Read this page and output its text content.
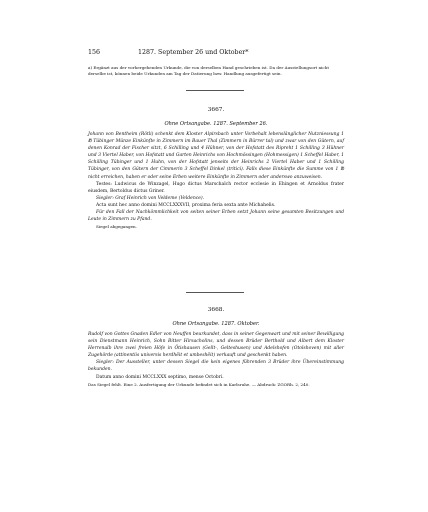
156	1287. September 26 und Oktober*
a) Ergänzt aus der vorhergehenden Urkunde, die von derselben Hand geschrieben ist. Da der Ausstellungsort nicht derselbe ist, können beide Urkunden am Tag der Datierung bzw. Handlung ausgefertigt sein.
3667.
Ohne Ortsangabe. 1287. September 26.
Johann von Bentheim (Rötli) schenkt dem Kloster Alpirsbach unter Vorbehalt lebenslänglicher Nutzniessung 1 ℔ Tübinger Münze Einkünfte in Zimmern im Bauer Thal (Zimmern in Bürrer tal) und zwar von den Gütern, auf denen Konrad der Fischer sitzt, 6 Schilling und 4 Hühner, von der Hofstatt des Ripreht 1 Schilling 3 Hühner und 3 Viertel Haber, von Hofstatt und Garten Heinrichs von Hochmössingen (Hohmessigen) 1 Scheffel Haber, 1 Schilling Tübinger und 1 Huhn, von der Hofstatt jenseits der Heinrichs 2 Viertel Haber und 1 Schilling Tübinger, von den Gütern der Cimmerin 3 Scheffel Dinkel (tritici). Falls diese Einkünfte die Summe von 1 ℔ nicht erreichen, haben er oder seine Erben weitere Einkünfte in Zimmern oder anderswo anzuweisen.
Testes: Ludwicus de Winzagel, Hugo dictus Marschalch rector ecclesie in Ehingen et Arnoldus frater eiusdem, Bertoldus dictus Griner.
Siegler: Graf Heinrich von Veldeme (Veldence).
Acta sunt hec anno domini MCCLXXXVII, proxima feria sexta ante Michahelis.
Für den Fall der Nachkömmlichkeit von seiten seiner Erben setzt Johann seine gesamten Besitzungen und Leute in Zimmern zu Pfand.
Siegel abgegangen.
3668.
Ohne Ortsangabe. 1287. Oktober.
Rudolf von Gottes Gnaden Edler von Neuffen beurkundet, dass in seiner Gegenwart und mit seiner Bewilligung sein Dienstmann Heinrich, Sohn Bitter Hirsacholins, und dessen Brüder Berthold und Albert dem Kloster Herrenalb ihre zwei freien Höfe in Ötishausen (Gellt-, Gelteshusen) und Adelshofen (Otolshoven) mit aller Zugehörde (attinentiis universis herdhēit et umbeshēit) verkauft und geschenkt haben.
Siegler: Der Aussteller, unter dessen Siegel die kein eigenes führenden 3 Brüder ihre Übereinstimmung bekunden.
Datum anno domini MCCLXXX septimo, mense Octobri.
Das Siegel fehlt. Eine 2. Ausfertigung der Urkunde befindet sich in Karlsruhe. — Abdruck: ZGORh. 2, 240.
